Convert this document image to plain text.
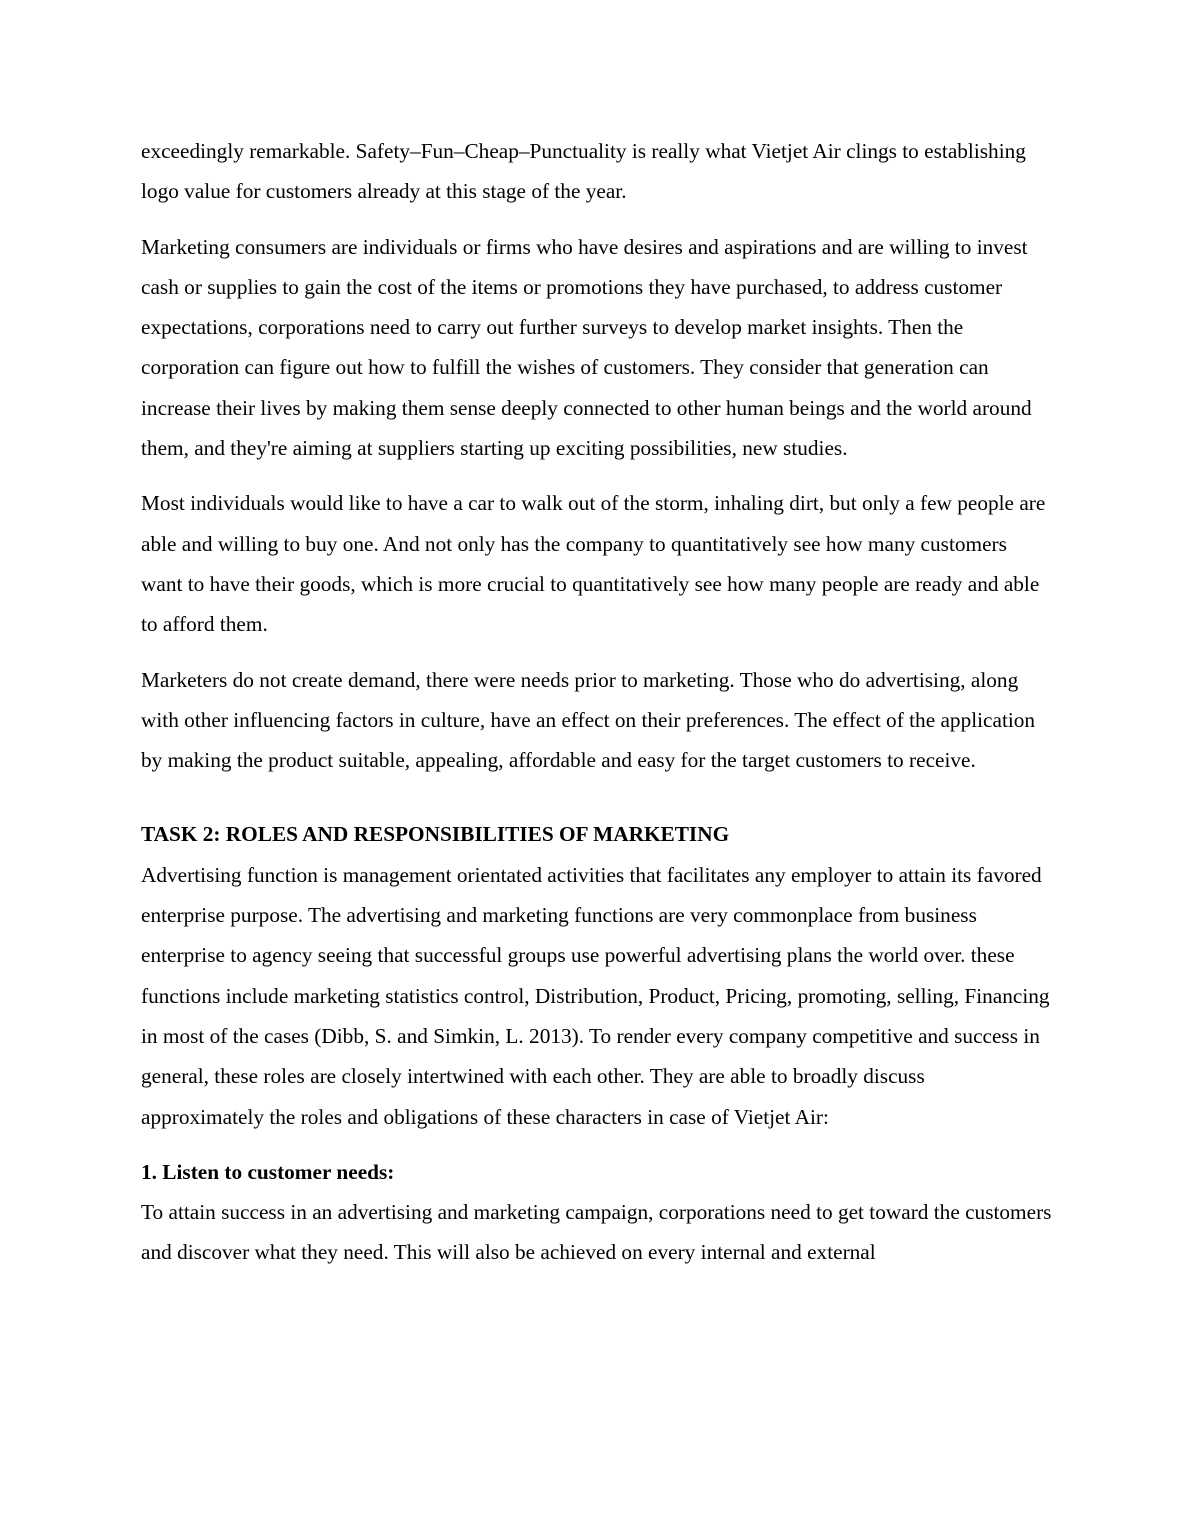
exceedingly remarkable. Safety–Fun–Cheap–Punctuality is really what Vietjet Air clings to establishing logo value for customers already at this stage of the year.

Marketing consumers are individuals or firms who have desires and aspirations and are willing to invest cash or supplies to gain the cost of the items or promotions they have purchased, to address customer expectations, corporations need to carry out further surveys to develop market insights. Then the corporation can figure out how to fulfill the wishes of customers. They consider that generation can increase their lives by making them sense deeply connected to other human beings and the world around them, and they're aiming at suppliers starting up exciting possibilities, new studies.

Most individuals would like to have a car to walk out of the storm, inhaling dirt, but only a few people are able and willing to buy one. And not only has the company to quantitatively see how many customers want to have their goods, which is more crucial to quantitatively see how many people are ready and able to afford them.

Marketers do not create demand, there were needs prior to marketing. Those who do advertising, along with other influencing factors in culture, have an effect on their preferences. The effect of the application by making the product suitable, appealing, affordable and easy for the target customers to receive.

TASK 2: ROLES AND RESPONSIBILITIES OF MARKETING

Advertising function is management orientated activities that facilitates any employer to attain its favored enterprise purpose. The advertising and marketing functions are very commonplace from business enterprise to agency seeing that successful groups use powerful advertising plans the world over. these functions include marketing statistics control, Distribution, Product, Pricing, promoting, selling, Financing in most of the cases (Dibb, S. and Simkin, L. 2013). To render every company competitive and success in general, these roles are closely intertwined with each other. They are able to broadly discuss approximately the roles and obligations of these characters in case of Vietjet Air:

1. Listen to customer needs:

To attain success in an advertising and marketing campaign, corporations need to get toward the customers and discover what they need. This will also be achieved on every internal and external
